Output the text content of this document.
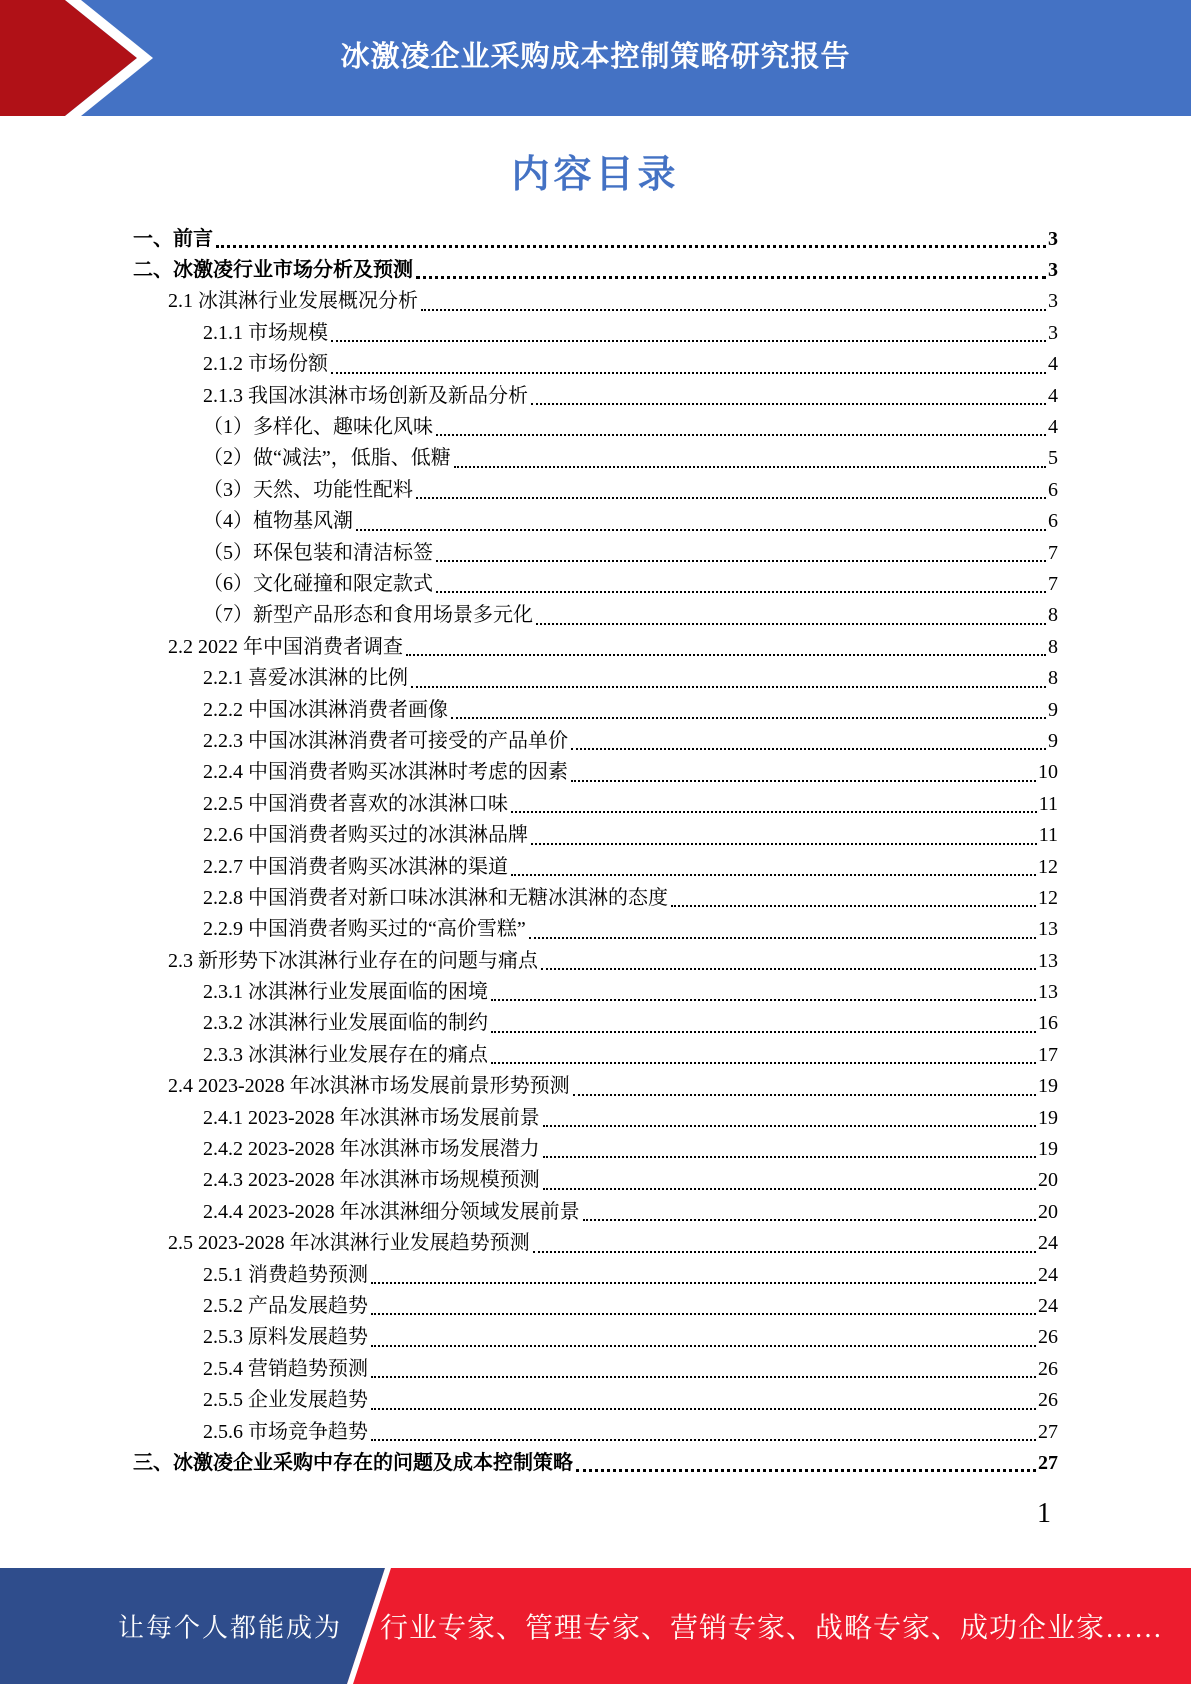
冰激凌企业采购成本控制策略研究报告
内容目录
一、前言	3
二、冰激凌行业市场分析及预测	3
2.1 冰淇淋行业发展概况分析	3
2.1.1 市场规模	3
2.1.2 市场份额	4
2.1.3 我国冰淇淋市场创新及新品分析	4
（1）多样化、趣味化风味	4
（2）做“减法”，低脂、低糖	5
（3）天然、功能性配料	6
（4）植物基风潮	6
（5）环保包装和清洁标签	7
（6）文化碰撞和限定款式	7
（7）新型产品形态和食用场景多元化	8
2.2 2022 年中国消费者调查	8
2.2.1 喜爱冰淇淋的比例	8
2.2.2 中国冰淇淋消费者画像	9
2.2.3 中国冰淇淋消费者可接受的产品单价	9
2.2.4 中国消费者购买冰淇淋时考虑的因素	10
2.2.5 中国消费者喜欢的冰淇淋口味	11
2.2.6 中国消费者购买过的冰淇淋品牌	11
2.2.7 中国消费者购买冰淇淋的渠道	12
2.2.8 中国消费者对新口味冰淇淋和无糖冰淇淋的态度	12
2.2.9 中国消费者购买过的“高价雪糕”	13
2.3 新形势下冰淇淋行业存在的问题与痛点	13
2.3.1 冰淇淋行业发展面临的困境	13
2.3.2 冰淇淋行业发展面临的制约	16
2.3.3 冰淇淋行业发展存在的痛点	17
2.4 2023-2028 年冰淇淋市场发展前景形势预测	19
2.4.1 2023-2028 年冰淇淋市场发展前景	19
2.4.2 2023-2028 年冰淇淋市场发展潜力	19
2.4.3 2023-2028 年冰淇淋市场规模预测	20
2.4.4 2023-2028 年冰淇淋细分领域发展前景	20
2.5 2023-2028 年冰淇淋行业发展趋势预测	24
2.5.1 消费趋势预测	24
2.5.2 产品发展趋势	24
2.5.3 原料发展趋势	26
2.5.4 营销趋势预测	26
2.5.5 企业发展趋势	26
2.5.6 市场竞争趋势	27
三、冰激凌企业采购中存在的问题及成本控制策略	27
1
让每个人都能成为	行业专家、管理专家、营销专家、战略专家、成功企业家……
